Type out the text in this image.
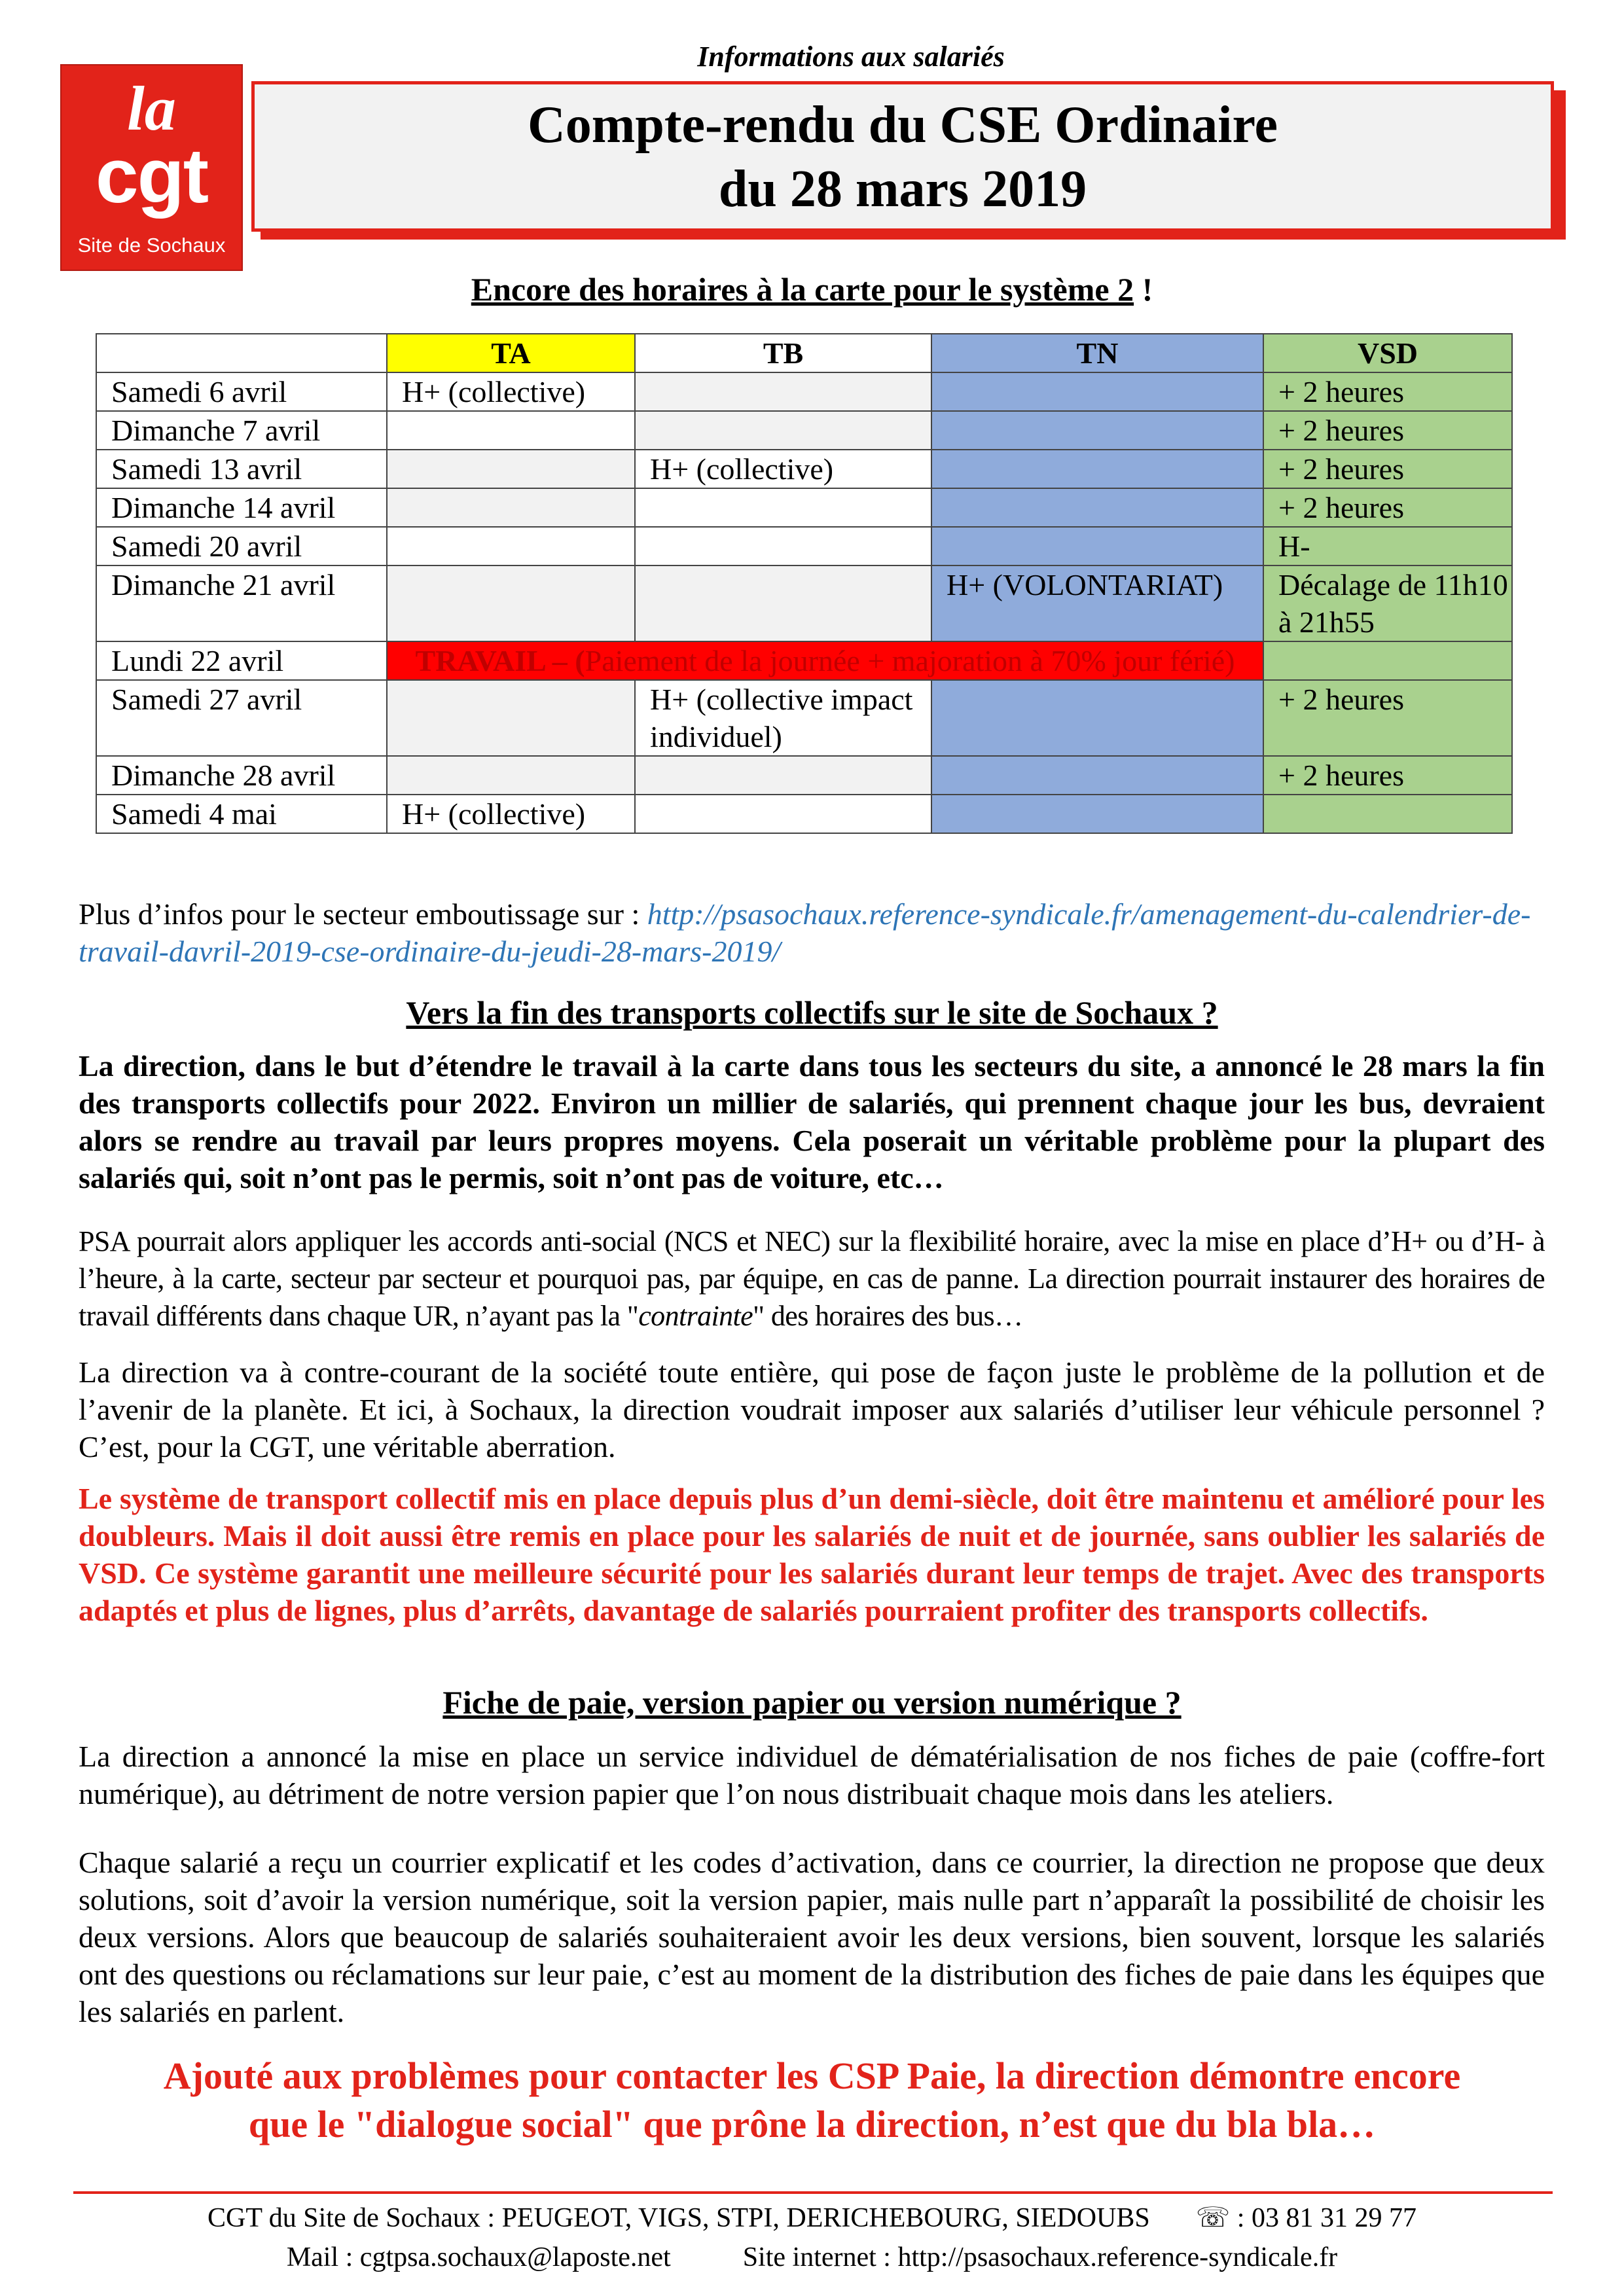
la
cgt
Site de Sochaux
Informations aux salariés
Compte-rendu du CSE Ordinaire
du 28 mars 2019
Encore des horaires à la carte pour le système 2 !
	TA	TB	TN	VSD
Samedi 6 avril	H+ (collective)			+ 2 heures
Dimanche 7 avril				+ 2 heures
Samedi 13 avril		H+ (collective)		+ 2 heures
Dimanche 14 avril				+ 2 heures
Samedi 20 avril				H-
Dimanche 21 avril			H+ (VOLONTARIAT)	Décalage de 11h10 à 21h55
Lundi 22 avril	TRAVAIL – (Paiement de la journée + majoration à 70% jour férié)			
Samedi 27 avril		H+ (collective impact individuel)		+ 2 heures
Dimanche 28 avril				+ 2 heures
Samedi 4 mai	H+ (collective)			
Plus d’infos pour le secteur emboutissage sur : http://psasochaux.reference-syndicale.fr/amenagement-du-calendrier-de-travail-davril-2019-cse-ordinaire-du-jeudi-28-mars-2019/
Vers la fin des transports collectifs sur le site de Sochaux ?
La direction, dans le but d’étendre le travail à la carte dans tous les secteurs du site, a annoncé le 28 mars la fin des transports collectifs pour 2022. Environ un millier de salariés, qui prennent chaque jour les bus, devraient alors se rendre au travail par leurs propres moyens. Cela poserait un véritable problème pour la plupart des salariés qui, soit n’ont pas le permis, soit n’ont pas de voiture, etc…
PSA pourrait alors appliquer les accords anti-social (NCS et NEC) sur la flexibilité horaire, avec la mise en place d’H+ ou d’H- à l’heure, à la carte, secteur par secteur et pourquoi pas, par équipe, en cas de panne. La direction pourrait instaurer des horaires de travail différents dans chaque UR, n’ayant pas la "contrainte" des horaires des bus…
La direction va à contre-courant de la société toute entière, qui pose de façon juste le problème de la pollution et de l’avenir de la planète. Et ici, à Sochaux, la direction voudrait imposer aux salariés d’utiliser leur véhicule personnel ? C’est, pour la CGT, une véritable aberration.
Le système de transport collectif mis en place depuis plus d’un demi-siècle, doit être maintenu et amélioré pour les doubleurs. Mais il doit aussi être remis en place pour les salariés de nuit et de journée, sans oublier les salariés de VSD. Ce système garantit une meilleure sécurité pour les salariés durant leur temps de trajet. Avec des transports adaptés et plus de lignes, plus d’arrêts, davantage de salariés pourraient profiter des transports collectifs.
Fiche de paie, version papier ou version numérique ?
La direction a annoncé la mise en place un service individuel de dématérialisation de nos fiches de paie (coffre-fort numérique), au détriment de notre version papier que l’on nous distribuait chaque mois dans les ateliers.
Chaque salarié a reçu un courrier explicatif et les codes d’activation, dans ce courrier, la direction ne propose que deux solutions, soit d’avoir la version numérique, soit la version papier, mais nulle part n’apparaît la possibilité de choisir les deux versions. Alors que beaucoup de salariés souhaiteraient avoir les deux versions, bien souvent, lorsque les salariés ont des questions ou réclamations sur leur paie, c’est au moment de la distribution des fiches de paie dans les équipes que les salariés en parlent.
Ajouté aux problèmes pour contacter les CSP Paie, la direction démontre encore
que le "dialogue social" que prône la direction, n’est que du bla bla…
CGT du Site de Sochaux : PEUGEOT, VIGS, STPI, DERICHEBOURG, SIEDOUBS ☏ : 03 81 31 29 77
Mail : cgtpsa.sochaux@laposte.net	Site internet : http://psasochaux.reference-syndicale.fr
